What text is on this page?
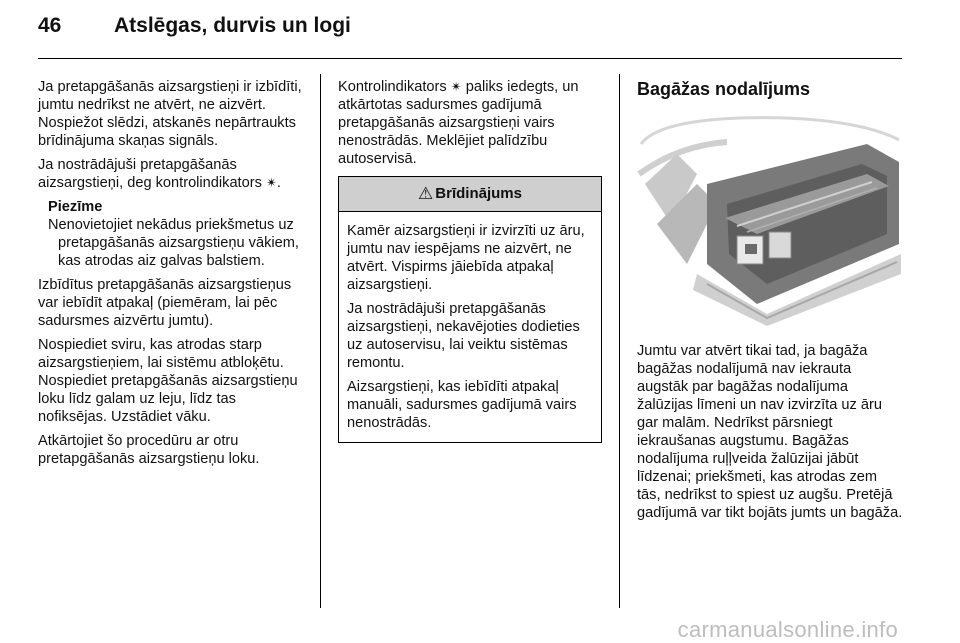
46	Atslēgas, durvis un logi

Ja pretapgāšanās aizsargstieņi ir izbīdīti, jumtu nedrīkst ne atvērt, ne aizvērt. Nospiežot slēdzi, atskanēs nepārtraukts brīdinājuma skaņas signāls.

Ja nostrādājuši pretapgāšanās aizsargstieņi, deg kontrolindikators ✴.

Piezīme
Nenovietojiet nekādus priekšmetus uz pretapgāšanās aizsargstieņu vākiem, kas atrodas aiz galvas balstiem.

Izbīdītus pretapgāšanās aizsargstieņus var iebīdīt atpakaļ (piemēram, lai pēc sadursmes aizvērtu jumtu).

Nospiediet sviru, kas atrodas starp aizsargstieņiem, lai sistēmu atbloķētu. Nospiediet pretapgāšanās aizsargstieņu loku līdz galam uz leju, līdz tas nofiksējas. Uzstādiet vāku.

Atkārtojiet šo procedūru ar otru pretapgāšanās aizsargstieņu loku.

Kontrolindikators ✴ paliks iedegts, un atkārtotas sadursmes gadījumā pretapgāšanās aizsargstieņi vairs nenostrādās. Meklējiet palīdzību autoservisā.

⚠ Brīdinājums

Kamēr aizsargstieņi ir izvirzīti uz āru, jumtu nav iespējams ne aizvērt, ne atvērt. Vispirms jāiebīda atpakaļ aizsargstieņi.

Ja nostrādājuši pretapgāšanās aizsargstieņi, nekavējoties dodieties uz autoservisu, lai veiktu sistēmas remontu.

Aizsargstieņi, kas iebīdīti atpakaļ manuāli, sadursmes gadījumā vairs nenostrādās.

Bagāžas nodalījums

Jumtu var atvērt tikai tad, ja bagāža bagāžas nodalījumā nav iekrauta augstāk par bagāžas nodalījuma žalūzijas līmeni un nav izvirzīta uz āru gar malām. Nedrīkst pārsniegt iekraušanas augstumu. Bagāžas nodalījuma ruļļveida žalūzijai jābūt līdzenai; priekšmeti, kas atrodas zem tās, nedrīkst to spiest uz augšu. Pretējā gadījumā var tikt bojāts jumts un bagāža.

carmanualsonline.info
